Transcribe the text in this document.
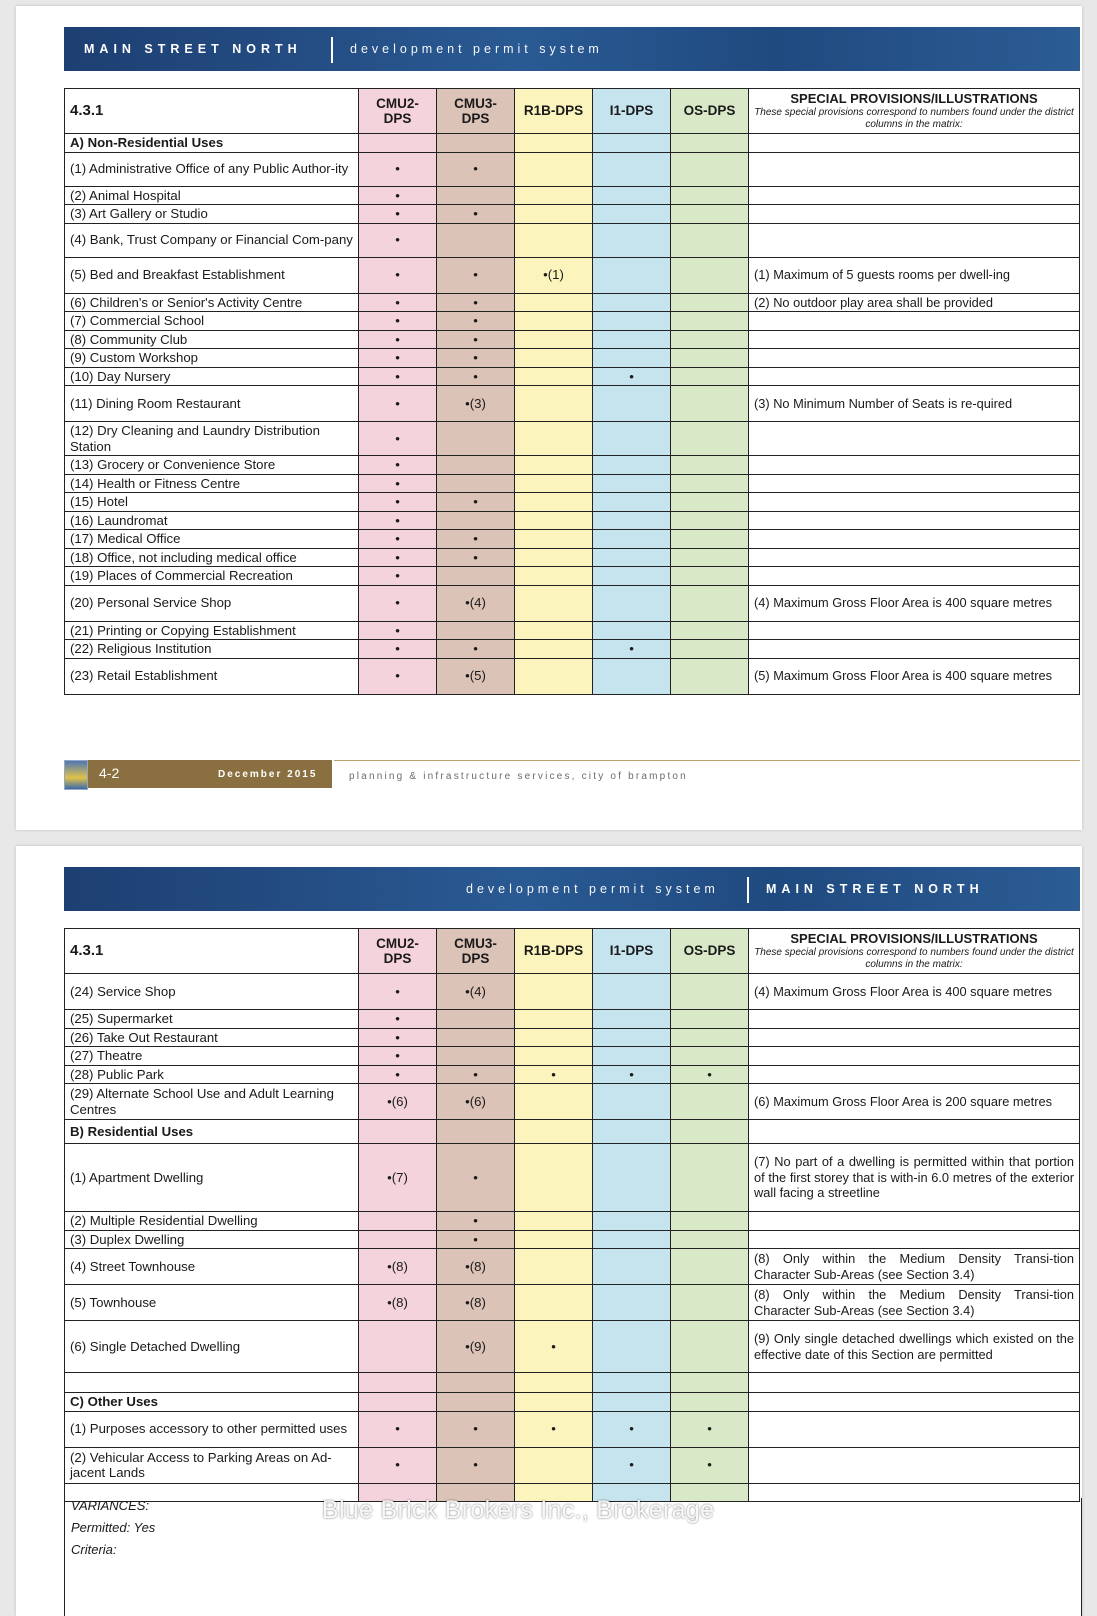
MAIN STREET NORTH	development permit system
4.3.1	CMU2-DPS	CMU3-DPS	R1B-DPS	I1-DPS	OS-DPS	SPECIAL PROVISIONS/ILLUSTRATIONS
These special provisions correspond to numbers found under the district columns in the matrix:

A) Non-Residential Uses						
(1) Administrative Office of any Public Author-ity	•	•				
(2) Animal Hospital	•					
(3) Art Gallery or Studio	•	•				
(4) Bank, Trust Company or Financial Com-pany	•					
(5) Bed and Breakfast Establishment	•	•	•(1)			(1) Maximum of 5 guests rooms per dwell-ing
(6) Children's or Senior's Activity Centre	•	•				(2) No outdoor play area shall be provided
(7) Commercial School	•	•				
(8) Community Club	•	•				
(9) Custom Workshop	•	•				
(10) Day Nursery	•	•		•		
(11) Dining Room Restaurant	•	•(3)				(3) No Minimum Number of Seats is re-quired
(12) Dry Cleaning and Laundry Distribution Station	•					
(13) Grocery or Convenience Store	•					
(14) Health or Fitness Centre	•					
(15) Hotel	•	•				
(16) Laundromat	•					
(17) Medical Office	•	•				
(18) Office, not including medical office	•	•				
(19) Places of Commercial Recreation	•					
(20) Personal Service Shop	•	•(4)				(4) Maximum Gross Floor Area is 400 square metres
(21) Printing or Copying Establishment	•					
(22) Religious Institution	•	•		•		
(23) Retail Establishment	•	•(5)				(5) Maximum Gross Floor Area is 400 square metres
4-2	December 2015	planning & infrastructure services, city of brampton
development permit system	MAIN STREET NORTH
4.3.1	CMU2-DPS	CMU3-DPS	R1B-DPS	I1-DPS	OS-DPS	SPECIAL PROVISIONS/ILLUSTRATIONS
These special provisions correspond to numbers found under the district columns in the matrix:

(24) Service Shop	•	•(4)				(4) Maximum Gross Floor Area is 400 square metres
(25) Supermarket	•					
(26) Take Out Restaurant	•					
(27) Theatre	•					
(28) Public Park	•	•	•	•	•	
(29) Alternate School Use and Adult Learning Centres	•(6)	•(6)				(6) Maximum Gross Floor Area is 200 square metres
B) Residential Uses						
(1) Apartment Dwelling	•(7)	•				(7) No part of a dwelling is permitted within that portion of the first storey that is with-in 6.0 metres of the exterior wall facing a streetline
(2) Multiple Residential Dwelling		•				
(3) Duplex Dwelling		•				
(4) Street Townhouse	•(8)	•(8)				(8) Only within the Medium Density Transi-tion Character Sub-Areas (see Section 3.4)
(5) Townhouse	•(8)	•(8)				(8) Only within the Medium Density Transi-tion Character Sub-Areas (see Section 3.4)
(6) Single Detached Dwelling		•(9)	•			(9) Only single detached dwellings which existed on the effective date of this Section are permitted

C) Other Uses						
(1) Purposes accessory to other permitted uses	•	•	•	•	•	
(2) Vehicular Access to Parking Areas on Ad-jacent Lands	•	•		•	•	

VARIANCES:
Permitted: Yes
Criteria:
Blue Brick Brokers Inc., Brokerage
